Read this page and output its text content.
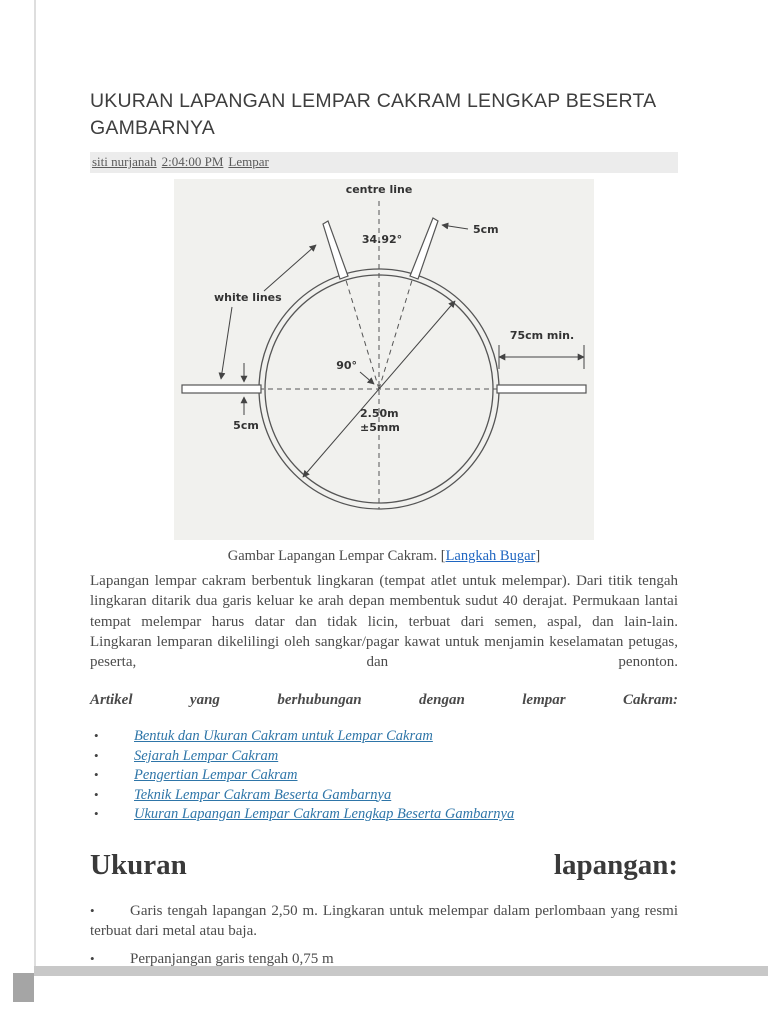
UKURAN LAPANGAN LEMPAR CAKRAM LENGKAP BESERTA GAMBARNYA
siti nurjanah 2:04:00 PM Lempar
75cm min.
5cm
centre line
34.92°
white lines
90°
2.50m
±5mm
5cm
Gambar Lapangan Lempar Cakram. [Langkah Bugar]
Lapangan lempar cakram berbentuk lingkaran (tempat atlet untuk melempar). Dari titik tengah lingkaran ditarik dua garis keluar ke arah depan membentuk sudut 40 derajat. Permukaan lantai tempat melempar harus datar dan tidak licin, terbuat dari semen, aspal, dan lain-lain.
Lingkaran lemparan dikelilingi oleh sangkar/pagar kawat untuk menjamin keselamatan petugas, peserta, dan penonton.
Artikel yang berhubungan dengan lempar Cakram:
• Bentuk dan Ukuran Cakram untuk Lempar Cakram
• Sejarah Lempar Cakram
• Pengertian Lempar Cakram
• Teknik Lempar Cakram Beserta Gambarnya
• Ukuran Lapangan Lempar Cakram Lengkap Beserta Gambarnya
Ukuran lapangan:
• Garis tengah lapangan 2,50 m. Lingkaran untuk melempar dalam perlombaan yang resmi terbuat dari metal atau baja.
• Perpanjangan garis tengah 0,75 m
